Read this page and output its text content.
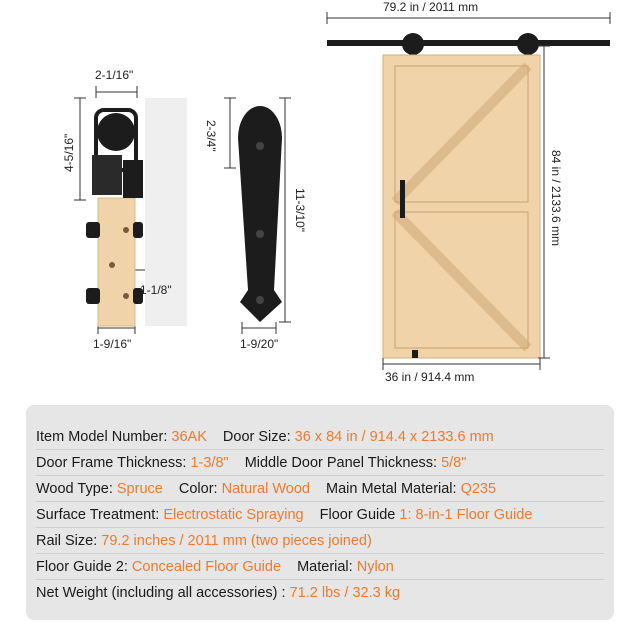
2-1/16"
4-5/16"
1-1/8"
1-9/16"
2-3/4"
11-3/10"
1-9/20"
79.2 in / 2011 mm
84 in / 2133.6 mm
36 in / 914.4 mm
Item Model Number: 36AK Door Size: 36 x 84 in / 914.4 x 2133.6 mm
Door Frame Thickness: 1-3/8" Middle Door Panel Thickness: 5/8"
Wood Type: Spruce Color: Natural Wood Main Metal Material: Q235
Surface Treatment: Electrostatic Spraying Floor Guide 1: 8-in-1 Floor Guide
Rail Size: 79.2 inches / 2011 mm (two pieces joined)
Floor Guide 2: Concealed Floor Guide Material: Nylon
Net Weight (including all accessories) : 71.2 lbs / 32.3 kg
